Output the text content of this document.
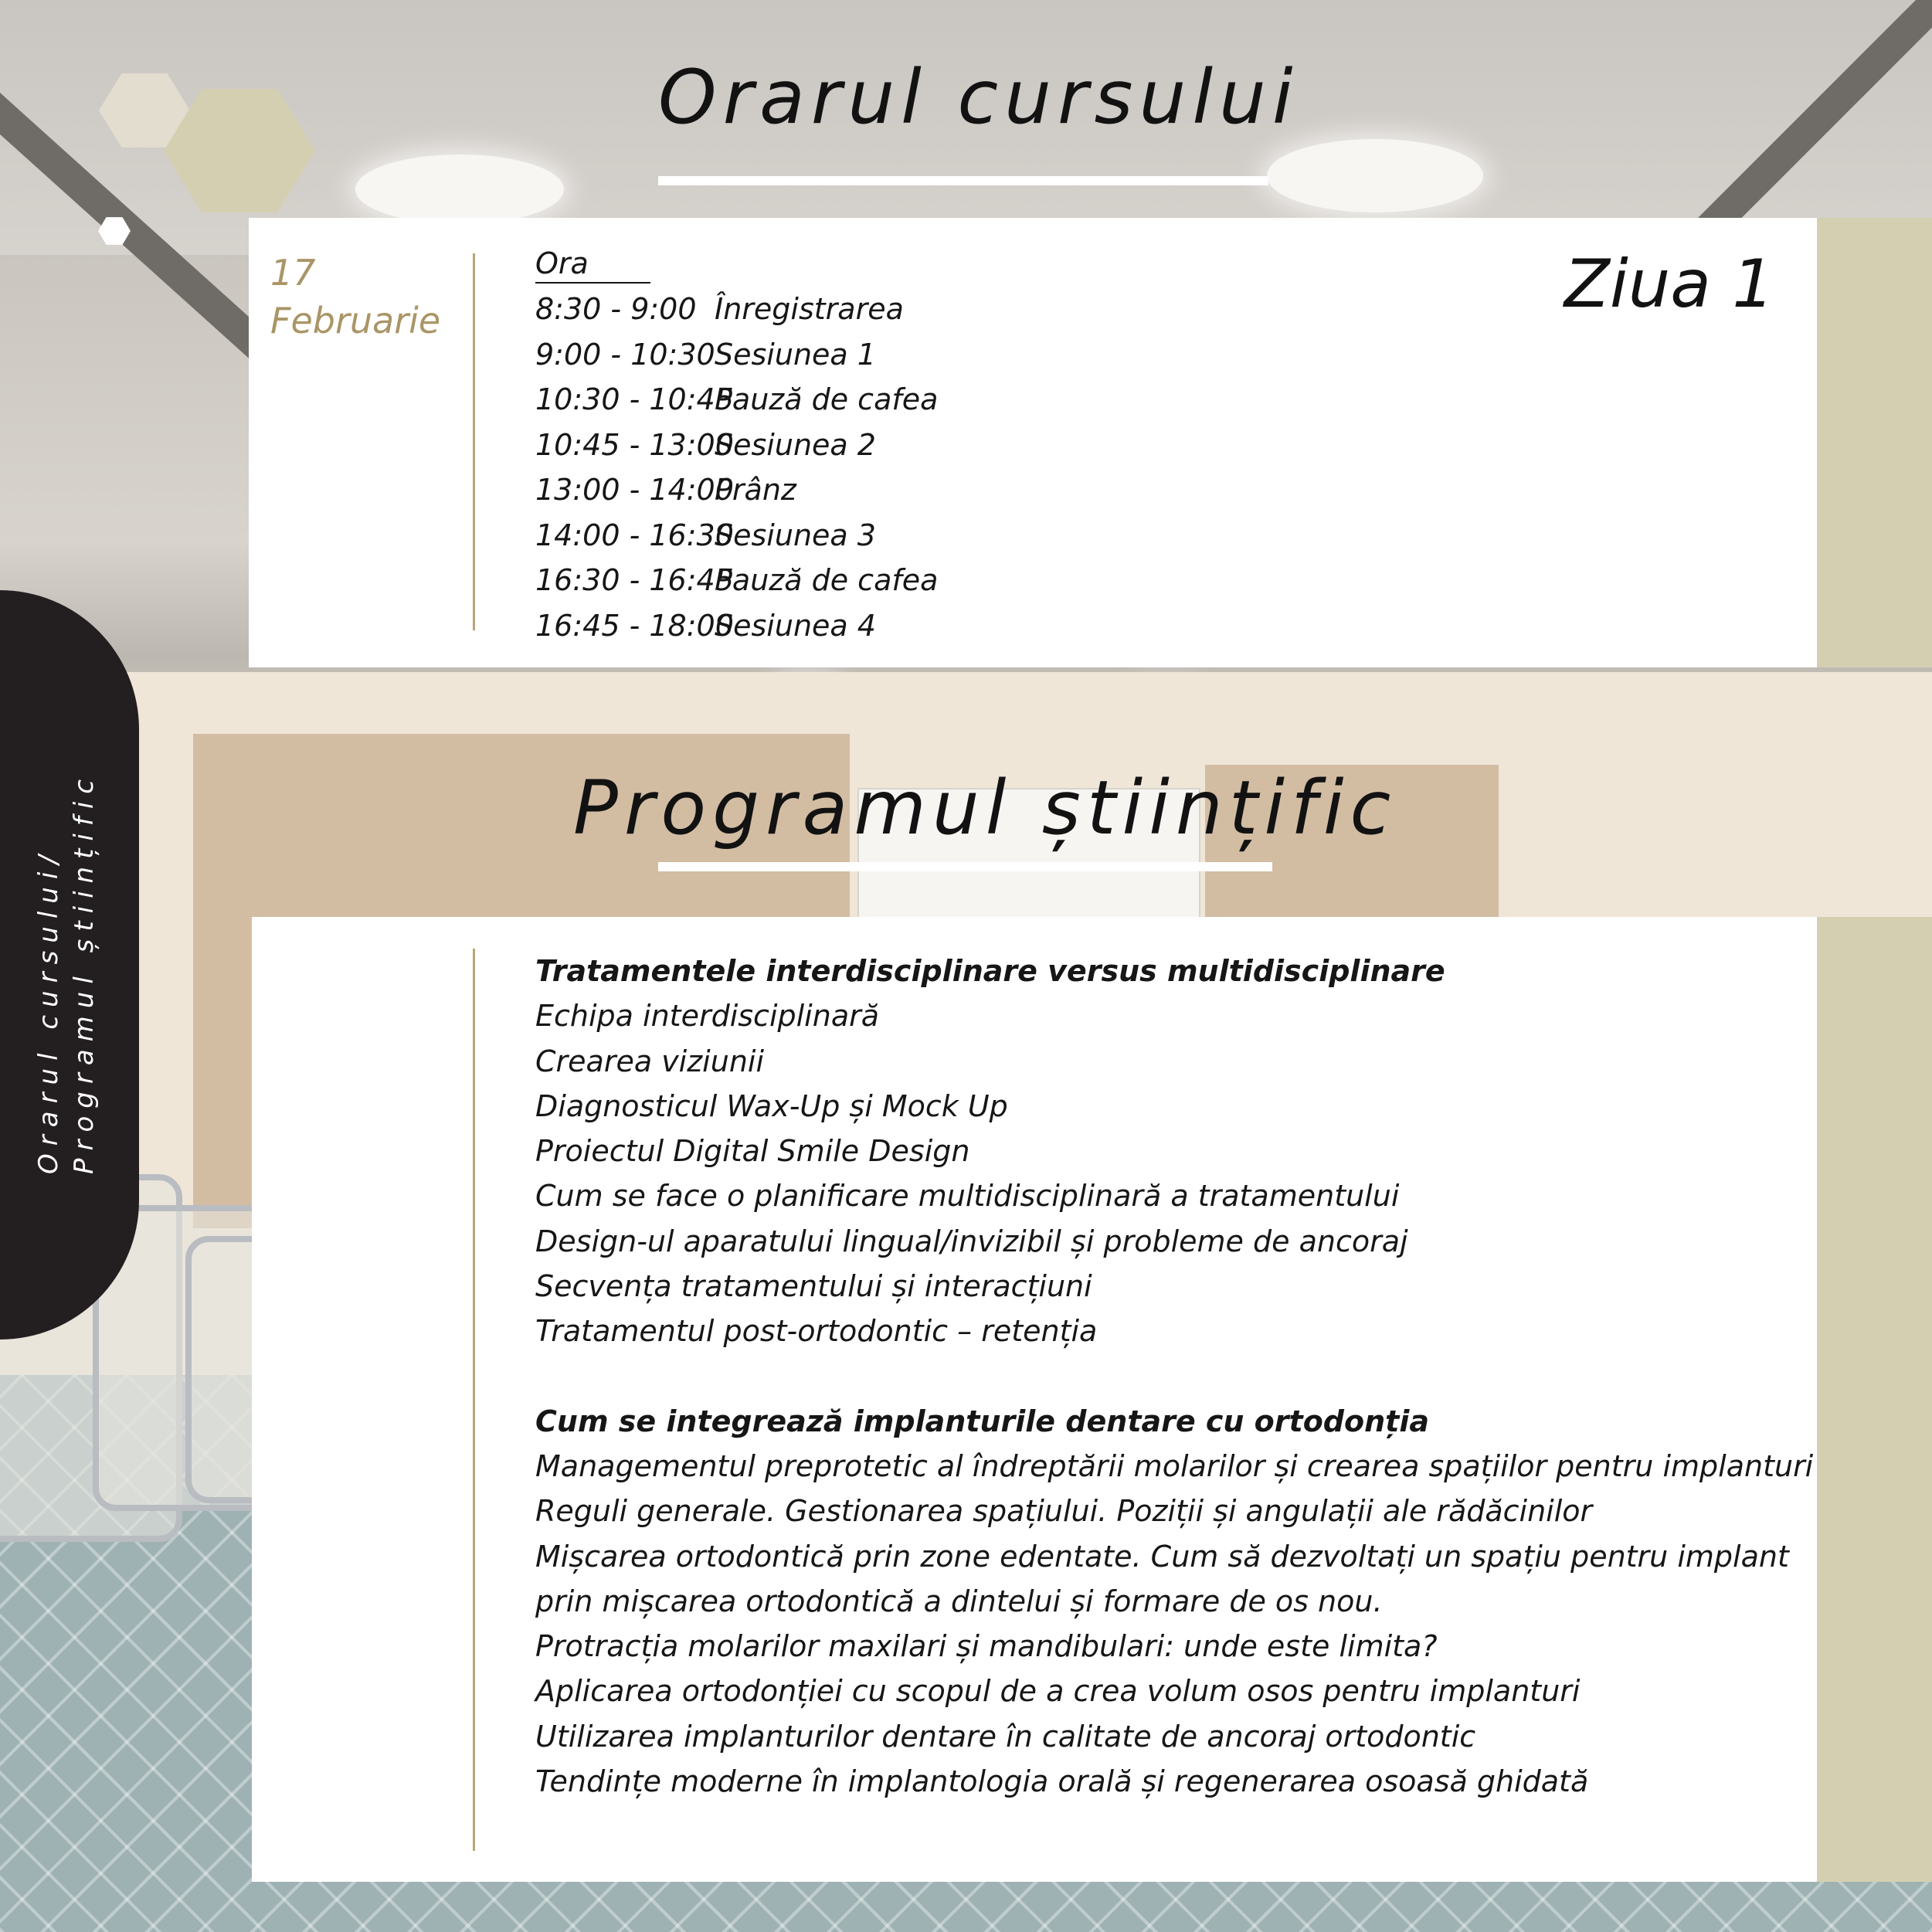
Orarul cursului
17
Februarie	Ziua 1
Ora
8:30 - 9:00 Înregistrarea
9:00 - 10:30Sesiunea 1
10:30 - 10:45Pauză de cafea
10:45 - 13:00Sesiunea 2
13:00 - 14:00Prânz
14:00 - 16:30Sesiunea 3
16:30 - 16:45Pauză de cafea
16:45 - 18:00Sesiunea 4
Programul științific
Tratamentele interdisciplinare versus multidisciplinare
Echipa interdisciplinară
Crearea viziunii
Diagnosticul Wax-Up și Mock Up
Proiectul Digital Smile Design
Cum se face o planificare multidisciplinară a tratamentului
Design-ul aparatului lingual/invizibil și probleme de ancoraj
Secvența tratamentului și interacțiuni
Tratamentul post-ortodontic – retenția
Cum se integrează implanturile dentare cu ortodonția
Managementul preprotetic al îndreptării molarilor și crearea spațiilor pentru implanturi
Reguli generale. Gestionarea spațiului. Poziții și angulații ale rădăcinilor
Mișcarea ortodontică prin zone edentate. Cum să dezvoltați un spațiu pentru implant
prin mișcarea ortodontică a dintelui și formare de os nou.
Protracția molarilor maxilari și mandibulari: unde este limita?
Aplicarea ortodonției cu scopul de a crea volum osos pentru implanturi
Utilizarea implanturilor dentare în calitate de ancoraj ortodontic
Tendințe moderne în implantologia orală și regenerarea osoasă ghidată
Orarul cursului/ Programul științific
